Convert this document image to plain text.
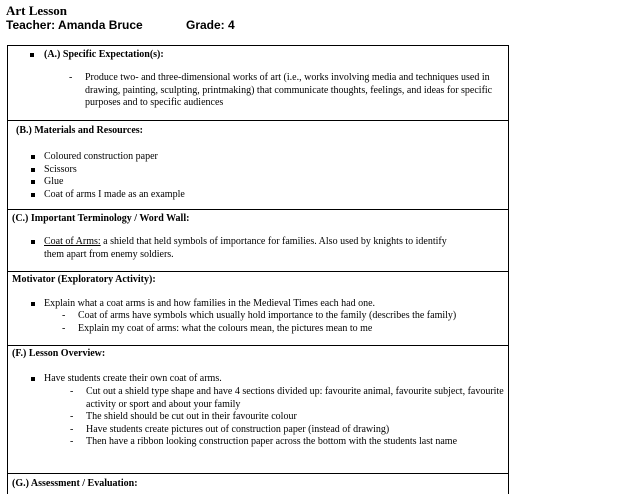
Art Lesson

Teacher: Amanda Bruce	Grade: 4

(A.) Specific Expectation(s):
- Produce two- and three-dimensional works of art (i.e., works involving media and techniques used in drawing, painting, sculpting, printmaking) that communicate thoughts, feelings, and ideas for specific purposes and to specific audiences
(B.) Materials and Resources:
Coloured construction paper
Scissors
Glue
Coat of arms I made as an example
(C.) Important Terminology / Word Wall:
Coat of Arms: a shield that held symbols of importance for families. Also used by knights to identify them apart from enemy soldiers.
Motivator (Exploratory Activity):
Explain what a coat arms is and how families in the Medieval Times each had one.
- Coat of arms have symbols which usually hold importance to the family (describes the family)
- Explain my coat of arms: what the colours mean, the pictures mean to me
(F.) Lesson Overview:
Have students create their own coat of arms.
- Cut out a shield type shape and have 4 sections divided up: favourite animal, favourite subject, favourite activity or sport and about your family
- The shield should be cut out in their favourite colour
- Have students create pictures out of construction paper (instead of drawing)
- Then have a ribbon looking construction paper across the bottom with the students last name
(G.) Assessment / Evaluation:
